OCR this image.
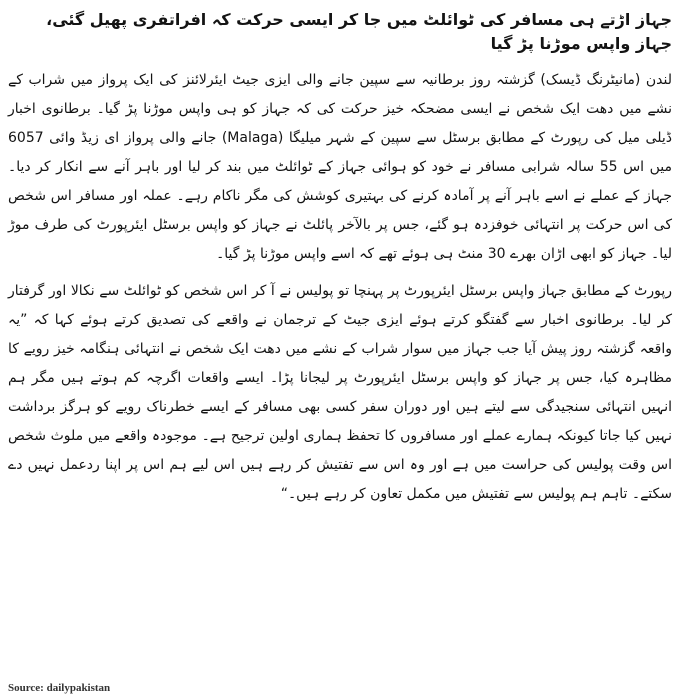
جہاز اڑتے ہی مسافر کی ٹوائلٹ میں جا کر ایسی حرکت کہ افراتفری پھیل گئی، جہاز واپس موڑنا پڑ گیا

لندن (مانیٹرنگ ڈیسک) گزشتہ روز برطانیہ سے سپین جانے والی ایزی جیٹ ایئرلائنز کی ایک پرواز میں شراب کے نشے میں دھت ایک شخص نے ایسی مضحکہ خیز حرکت کی کہ جہاز کو ہی واپس موڑنا پڑ گیا۔ برطانوی اخبار ڈیلی میل کی رپورٹ کے مطابق برسٹل سے سپین کے شہر میلیگا (Malaga) جانے والی پرواز ای زیڈ وائی 6057 میں اس 55 سالہ شرابی مسافر نے خود کو ہوائی جہاز کے ٹوائلٹ میں بند کر لیا اور باہر آنے سے انکار کر دیا۔ جہاز کے عملے نے اسے باہر آنے پر آمادہ کرنے کی بہتیری کوشش کی مگر ناکام رہے۔ عملہ اور مسافر اس شخص کی اس حرکت پر انتہائی خوفزدہ ہو گئے، جس پر بالآخر پائلٹ نے جہاز کو واپس برسٹل ایئرپورٹ کی طرف موڑ لیا۔ جہاز کو ابھی اڑان بھرے 30 منٹ ہی ہوئے تھے کہ اسے واپس موڑنا پڑ گیا۔

رپورٹ کے مطابق جہاز واپس برسٹل ایئرپورٹ پر پہنچا تو پولیس نے آ کر اس شخص کو ٹوائلٹ سے نکالا اور گرفتار کر لیا۔ برطانوی اخبار سے گفتگو کرتے ہوئے ایزی جیٹ کے ترجمان نے واقعے کی تصدیق کرتے ہوئے کہا کہ ”یہ واقعہ گزشتہ روز پیش آیا جب جہاز میں سوار شراب کے نشے میں دھت ایک شخص نے انتہائی ہنگامہ خیز رویے کا مظاہرہ کیا، جس پر جہاز کو واپس برسٹل ایئرپورٹ پر لیجانا پڑا۔ ایسے واقعات اگرچہ کم ہوتے ہیں مگر ہم انہیں انتہائی سنجیدگی سے لیتے ہیں اور دوران سفر کسی بھی مسافر کے ایسے خطرناک رویے کو ہرگز برداشت نہیں کیا جاتا کیونکہ ہمارے عملے اور مسافروں کا تحفظ ہماری اولین ترجیح ہے۔ موجودہ واقعے میں ملوث شخص اس وقت پولیس کی حراست میں ہے اور وہ اس سے تفتیش کر رہے ہیں اس لیے ہم اس پر اپنا ردعمل نہیں دے سکتے۔ تاہم ہم پولیس سے تفتیش میں مکمل تعاون کر رہے ہیں۔“

Source: dailypakistan
